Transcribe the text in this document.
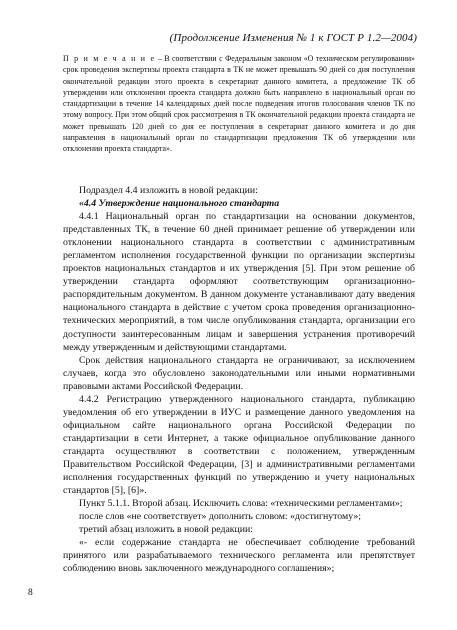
(Продолжение Изменения № 1 к ГОСТ Р 1.2—2004)
П р и м е ч а н и е – В соответствии с Федеральным законом «О техническом регулировании» срок проведения экспертизы проекта стандарта в ТК не может превышать 90 дней со дня поступления окончательной редакции этого проекта в секретариат данного комитета, а предложение ТК об утверждении или отклонении проекта стандарта должно быть направлено в национальный орган по стандартизации в течение 14 календарных дней после подведения итогов голосования членов ТК по этому вопросу. При этом общий срок рассмотрения в ТК окончательной редакции проекта стандарта не может превышать 120 дней со дня ее поступления в секретариат данного комитета и до дня направления в национальный орган по стандартизации предложения ТК об утверждении или отклонении проекта стандарта».

Подраздел 4.4 изложить в новой редакции:

«4.4 Утверждение национального стандарта

4.4.1 Национальный орган по стандартизации на основании документов, представленных ТК, в течение 60 дней принимает решение об утверждении или отклонении национального стандарта в соответствии с административным регламентом исполнения государственной функции по организации экспертизы проектов национальных стандартов и их утверждения [5]. При этом решение об утверждении стандарта оформляют соответствующим организационно-распорядительным документом. В данном документе устанавливают дату введения национального стандарта в действие с учетом срока проведения организационно-технических мероприятий, в том числе опубликования стандарта, организации его доступности заинтересованным лицам и завершения устранения противоречий между утвержденным и действующими стандартами.

Срок действия национального стандарта не ограничивают, за исключением случаев, когда это обусловлено законодательными или иными нормативными правовыми актами Российской Федерации.

4.4.2 Регистрацию утвержденного национального стандарта, публикацию уведомления об его утверждении в ИУС и размещение данного уведомления на официальном сайте национального органа Российской Федерации по стандартизации в сети Интернет, а также официальное опубликование данного стандарта осуществляют в соответствии с положением, утвержденным Правительством Российской Федерации, [3] и административными регламентами исполнения государственных функций по утверждению и учету национальных стандартов [5], [6]».

Пункт 5.1.1. Второй абзац. Исключить слова: «техническими регламентами»;

после слов «не соответствует» дополнить словом: «достигнутому»;

третий абзац изложить в новой редакции:

«- если содержание стандарта не обеспечивает соблюдение требований принятого или разрабатываемого технического регламента или препятствует соблюдению вновь заключенного международного соглашения»;

8
